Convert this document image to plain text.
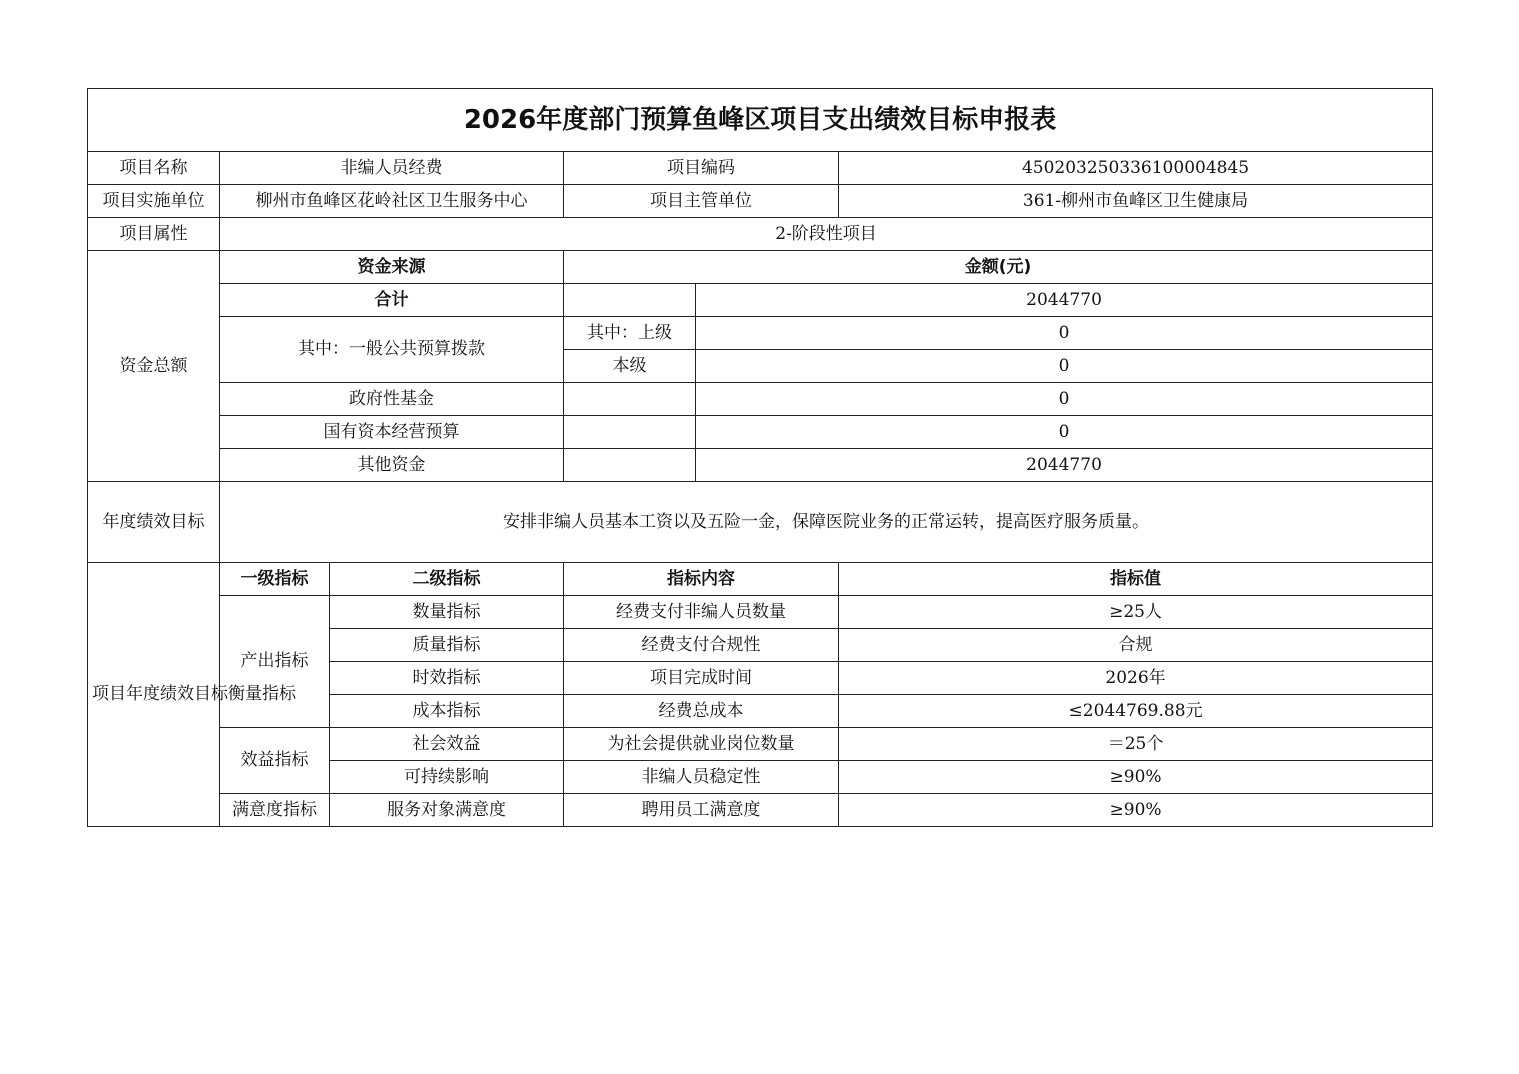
2026年度部门预算鱼峰区项目支出绩效目标申报表					
项目名称	非编人员经费		项目编码		450203250336100004845
项目实施单位	柳州市鱼峰区花岭社区卫生服务中心		项目主管单位		361-柳州市鱼峰区卫生健康局
项目属性	2-阶段性项目				
资金总额	资金来源		金额(元)		
	合计			2044770	
	其中：一般公共预算拨款		其中：上级	0	
			本级	0	
	政府性基金			0	
	国有资本经营预算			0	
	其他资金			2044770	
年度绩效目标	安排非编人员基本工资以及五险一金，保障医院业务的正常运转，提高医疗服务质量。				
项目年度绩效目标衡量指标	一级指标	二级指标	指标内容		指标值
	产出指标	数量指标	经费支付非编人员数量		≥25人
		质量指标	经费支付合规性		合规
		时效指标	项目完成时间		2026年
		成本指标	经费总成本		≤2044769.88元
	效益指标	社会效益	为社会提供就业岗位数量		＝25个
		可持续影响	非编人员稳定性		≥90%
	满意度指标	服务对象满意度	聘用员工满意度		≥90%
